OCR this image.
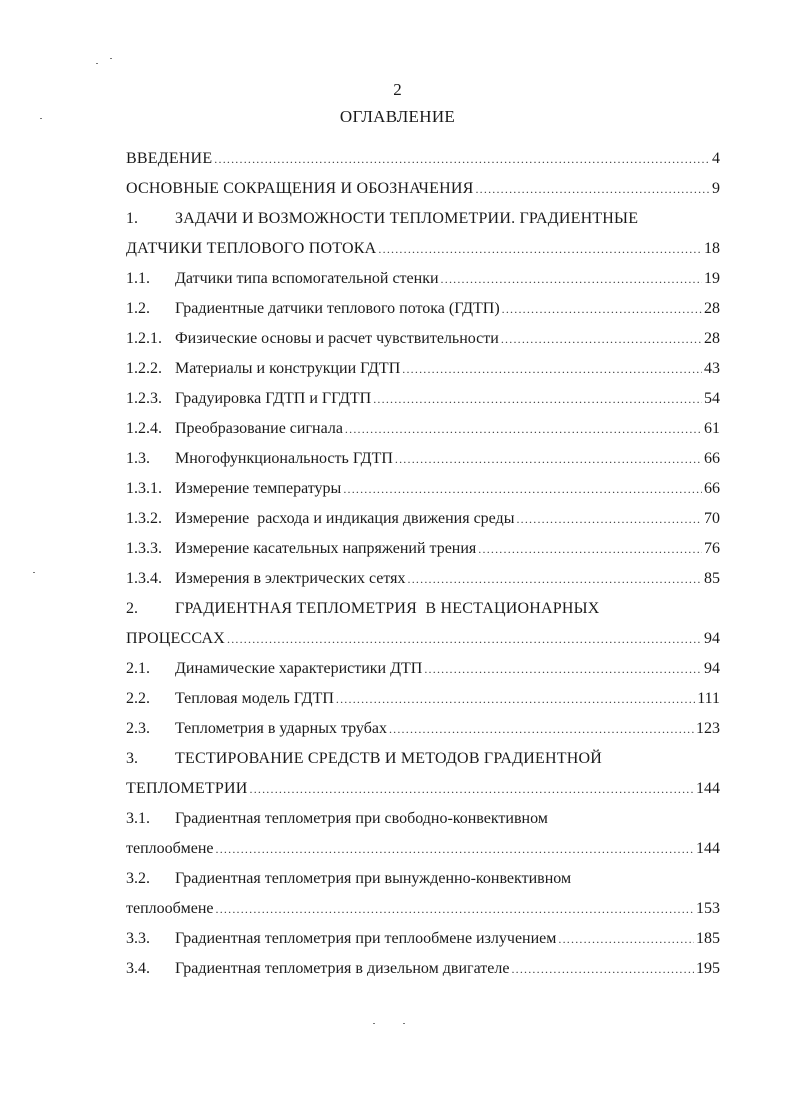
2
ОГЛАВЛЕНИЕ
ВВЕДЕНИЕ .....	4
ОСНОВНЫЕ СОКРАЩЕНИЯ И ОБОЗНАЧЕНИЯ .....	9
1.	ЗАДАЧИ И ВОЗМОЖНОСТИ ТЕПЛОМЕТРИИ. ГРАДИЕНТНЫЕ
ДАТЧИКИ ТЕПЛОВОГО ПОТОКА .....	18
1.1.	Датчики типа вспомогательной стенки .....	19
1.2.	Градиентные датчики теплового потока (ГДТП) .....	28
1.2.1. Физические основы и расчет чувствительности .....	28
1.2.2. Материалы и конструкции ГДТП .....	43
1.2.3. Градуировка ГДТП и ГГДТП .....	54
1.2.4. Преобразование сигнала .....	61
1.3.	Многофункциональность ГДТП .....	66
1.3.1. Измерение температуры .....	66
1.3.2. Измерение  расхода и индикация движения среды .....	70
1.3.3. Измерение касательных напряжений трения .....	76
1.3.4. Измерения в электрических сетях .....	85
2.	ГРАДИЕНТНАЯ ТЕПЛОМЕТРИЯ  В НЕСТАЦИОНАРНЫХ
ПРОЦЕССАХ .....	94
2.1.	Динамические характеристики ДТП .....	94
2.2.	Тепловая модель ГДТП .....	111
2.3.	Теплометрия в ударных трубах .....	123
3.	ТЕСТИРОВАНИЕ СРЕДСТВ И МЕТОДОВ ГРАДИЕНТНОЙ
ТЕПЛОМЕТРИИ .....	144
3.1.	Градиентная теплометрия при свободно-конвективном
теплообмене .....	144
3.2.	Градиентная теплометрия при вынужденно-конвективном
теплообмене .....	153
3.3.	Градиентная теплометрия при теплообмене излучением .....	185
3.4.	Градиентная теплометрия в дизельном двигателе .....	195
